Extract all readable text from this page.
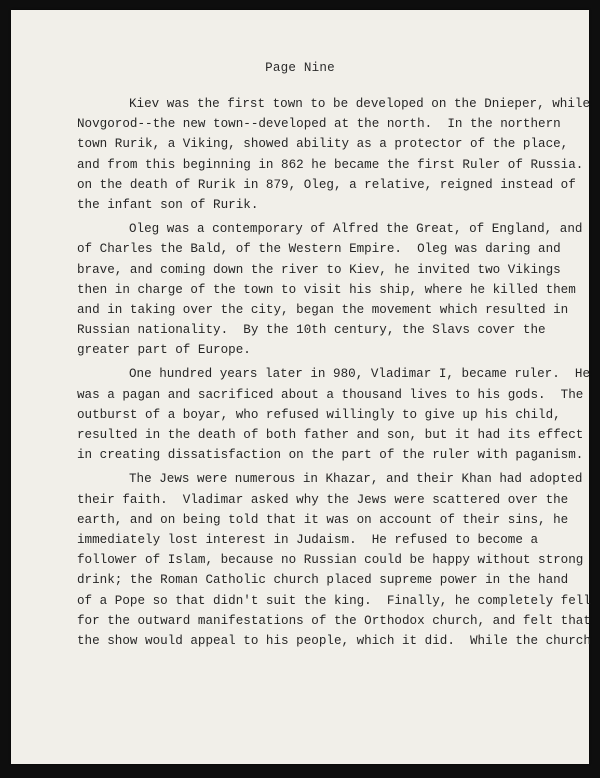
Page Nine
Kiev was the first town to be developed on the Dnieper, while
Novgorod--the new town--developed at the north.  In the northern
town Rurik, a Viking, showed ability as a protector of the place,
and from this beginning in 862 he became the first Ruler of Russia.
on the death of Rurik in 879, Oleg, a relative, reigned instead of
the infant son of Rurik.
Oleg was a contemporary of Alfred the Great, of England, and
of Charles the Bald, of the Western Empire.  Oleg was daring and
brave, and coming down the river to Kiev, he invited two Vikings
then in charge of the town to visit his ship, where he killed them
and in taking over the city, began the movement which resulted in
Russian nationality.  By the 10th century, the Slavs cover the
greater part of Europe.
One hundred years later in 980, Vladimar I, became ruler.  He
was a pagan and sacrificed about a thousand lives to his gods.  The
outburst of a boyar, who refused willingly to give up his child,
resulted in the death of both father and son, but it had its effect
in creating dissatisfaction on the part of the ruler with paganism.
The Jews were numerous in Khazar, and their Khan had adopted
their faith.  Vladimar asked why the Jews were scattered over the
earth, and on being told that it was on account of their sins, he
immediately lost interest in Judaism.  He refused to become a
follower of Islam, because no Russian could be happy without strong
drink; the Roman Catholic church placed supreme power in the hand
of a Pope so that didn't suit the king.  Finally, he completely fell
for the outward manifestations of the Orthodox church, and felt that
the show would appeal to his people, which it did.  While the church
